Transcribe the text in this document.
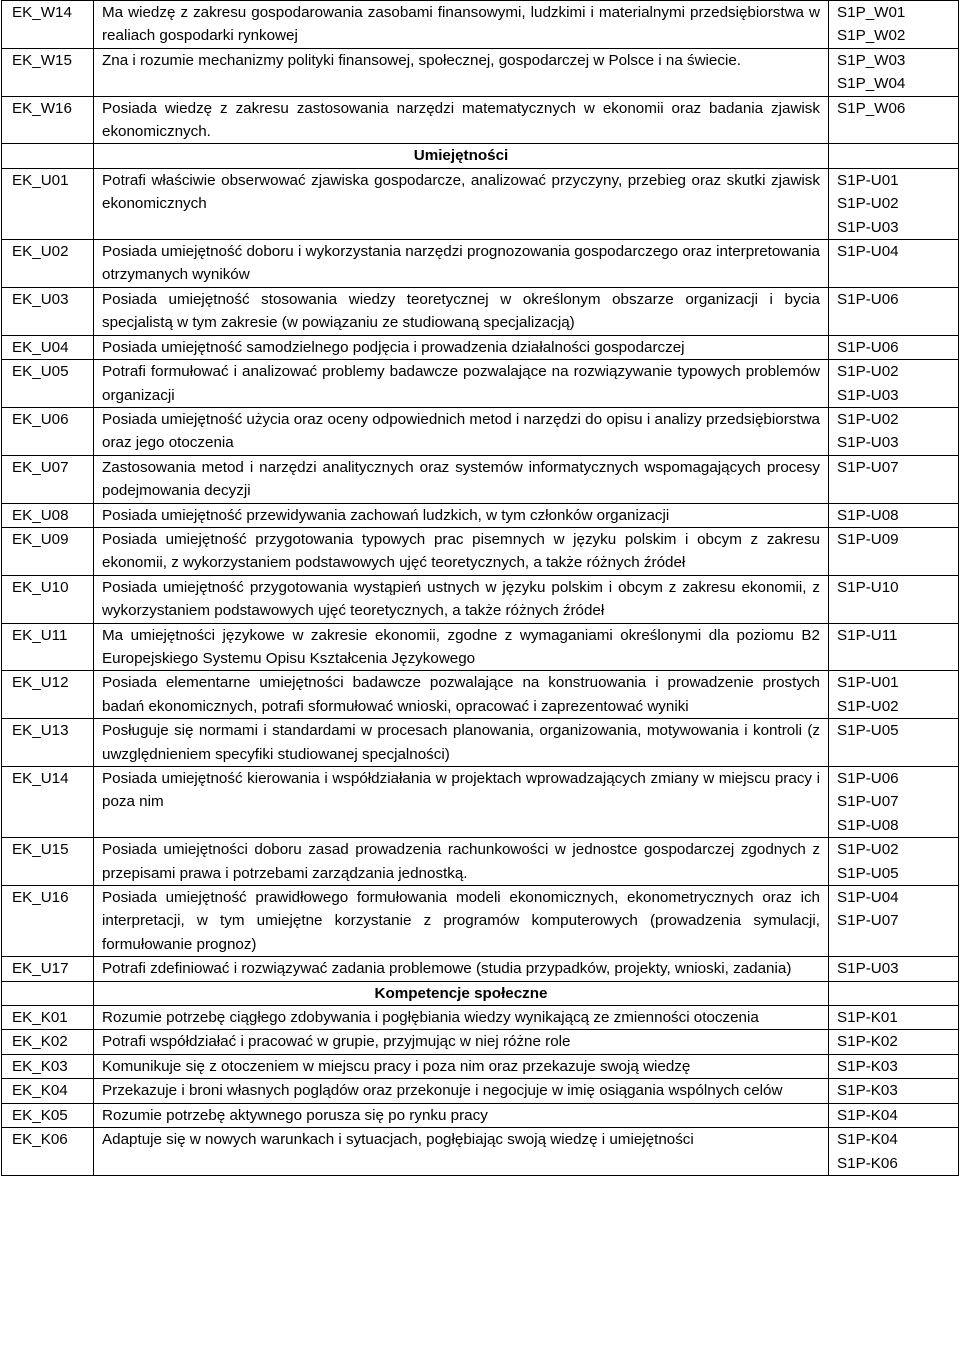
EK_W14	Ma wiedzę z zakresu gospodarowania zasobami finansowymi, ludzkimi i materialnymi przedsiębiorstwa w realiach gospodarki rynkowej	S1P_W01
S1P_W02
EK_W15	Zna i rozumie mechanizmy polityki finansowej, społecznej, gospodarczej w Polsce i na świecie.	S1P_W03
S1P_W04
EK_W16	Posiada wiedzę z zakresu zastosowania narzędzi matematycznych w ekonomii oraz badania zjawisk ekonomicznych.	S1P_W06
	Umiejętności	
EK_U01	Potrafi właściwie obserwować zjawiska gospodarcze, analizować przyczyny, przebieg oraz skutki zjawisk ekonomicznych	S1P-U01
S1P-U02
S1P-U03
EK_U02	Posiada umiejętność doboru i wykorzystania narzędzi prognozowania gospodarczego oraz interpretowania otrzymanych wyników	S1P-U04
EK_U03	Posiada umiejętność stosowania wiedzy teoretycznej w określonym obszarze organizacji i bycia specjalistą w tym zakresie (w powiązaniu ze studiowaną specjalizacją)	S1P-U06
EK_U04	Posiada umiejętność samodzielnego podjęcia i prowadzenia działalności gospodarczej	S1P-U06
EK_U05	Potrafi formułować i analizować problemy badawcze pozwalające na rozwiązywanie typowych problemów organizacji	S1P-U02
S1P-U03
EK_U06	Posiada umiejętność użycia oraz oceny odpowiednich metod i narzędzi do opisu i analizy przedsiębiorstwa oraz jego otoczenia	S1P-U02
S1P-U03
EK_U07	Zastosowania metod i narzędzi analitycznych oraz systemów informatycznych wspomagających procesy podejmowania decyzji	S1P-U07
EK_U08	Posiada umiejętność przewidywania zachowań ludzkich, w tym członków organizacji	S1P-U08
EK_U09	Posiada umiejętność przygotowania typowych prac pisemnych w języku polskim i obcym z zakresu ekonomii, z wykorzystaniem podstawowych ujęć teoretycznych, a także różnych źródeł	S1P-U09
EK_U10	Posiada umiejętność przygotowania wystąpień ustnych w języku polskim i obcym z zakresu ekonomii, z wykorzystaniem podstawowych ujęć teoretycznych, a także różnych źródeł	S1P-U10
EK_U11	Ma umiejętności językowe w zakresie ekonomii, zgodne z wymaganiami określonymi dla poziomu B2 Europejskiego Systemu Opisu Kształcenia Językowego	S1P-U11
EK_U12	Posiada elementarne umiejętności badawcze pozwalające na konstruowania i prowadzenie prostych badań ekonomicznych, potrafi sformułować wnioski, opracować i zaprezentować wyniki	S1P-U01
S1P-U02
EK_U13	Posługuje się normami i standardami w procesach planowania, organizowania, motywowania i kontroli (z uwzględnieniem specyfiki studiowanej specjalności)	S1P-U05
EK_U14	Posiada umiejętność kierowania i współdziałania w projektach wprowadzających zmiany w miejscu pracy i poza nim	S1P-U06
S1P-U07
S1P-U08
EK_U15	Posiada umiejętności doboru zasad prowadzenia rachunkowości w jednostce gospodarczej zgodnych z przepisami prawa i potrzebami zarządzania jednostką.	S1P-U02
S1P-U05
EK_U16	Posiada umiejętność prawidłowego formułowania modeli ekonomicznych, ekonometrycznych oraz ich interpretacji, w tym umiejętne korzystanie z programów komputerowych (prowadzenia symulacji, formułowanie prognoz)	S1P-U04
S1P-U07
EK_U17	Potrafi zdefiniować i rozwiązywać zadania problemowe (studia przypadków, projekty, wnioski, zadania)	S1P-U03
	Kompetencje społeczne	
EK_K01	Rozumie potrzebę ciągłego zdobywania i pogłębiania wiedzy wynikającą ze zmienności otoczenia	S1P-K01
EK_K02	Potrafi współdziałać i pracować w grupie, przyjmując w niej różne role	S1P-K02
EK_K03	Komunikuje się z otoczeniem w miejscu pracy i poza nim oraz przekazuje swoją wiedzę	S1P-K03
EK_K04	Przekazuje i broni własnych poglądów oraz przekonuje i negocjuje w imię osiągania wspólnych celów	S1P-K03
EK_K05	Rozumie potrzebę aktywnego porusza się po rynku pracy	S1P-K04
EK_K06	Adaptuje się w nowych warunkach i sytuacjach, pogłębiając swoją wiedzę i umiejętności	S1P-K04
S1P-K06
